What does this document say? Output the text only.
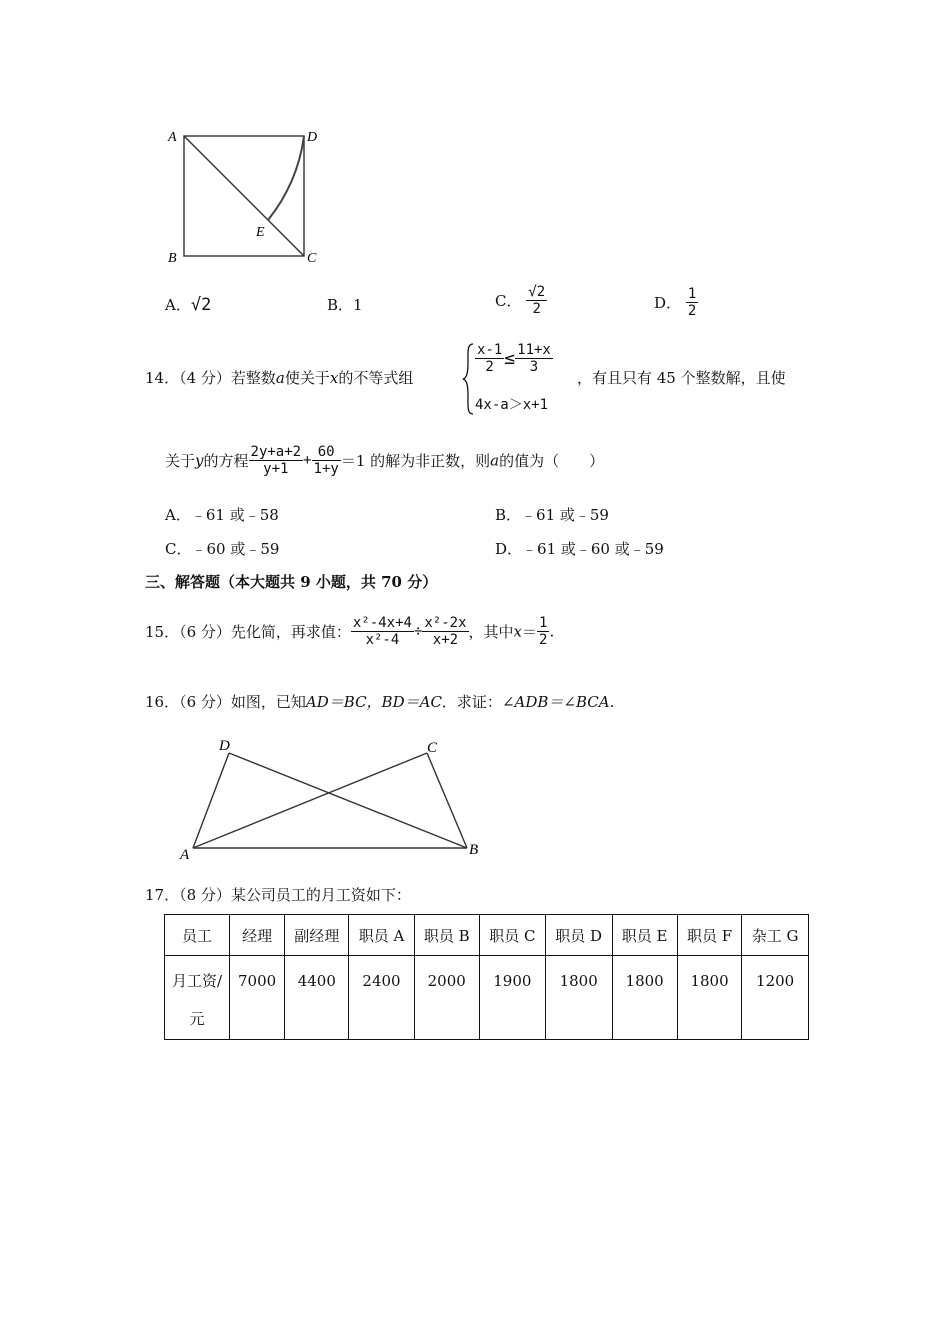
A	D
B	C
E
A．√2	B．1	C． $\frac{√2}{2}$	D． $\frac{1}{2}$
14．（4 分）若整数a使关于x的不等式组
$\frac{x-1}{2} \le \frac{11+x}{3}$
4x-a＞x+1
，有且只有 45 个整数解，且使
关于y的方程 $\frac{2y+a+2}{y+1} + \frac{60}{1+y} =1$ 的解为非正数，则a的值为（　　）
A．﹣61 或﹣58	B．﹣61 或﹣59
C．﹣60 或﹣59	D．﹣61 或﹣60 或﹣59
三、解答题（本大题共 9 小题，共 70 分）
15．（6 分）先化简，再求值： $\frac{\text{x²-4x+4}}{\text{x²-4}} \div \frac{\text{x²-2x}}{x+2}$ ，其中$x= \frac{1}{2}$ .
16．（6 分）如图，已知AD＝BC，BD＝AC．求证：∠ADB＝∠BCA.
D	C
A	B
17．（8 分）某公司员工的月工资如下：
员工	经理	副经理	职员 A	职员 B	职员 C	职员 D	职员 E	职员 F	杂工 G
月工资/
元	7000	4400	2400	2000	1900	1800	1800	1800	1200
